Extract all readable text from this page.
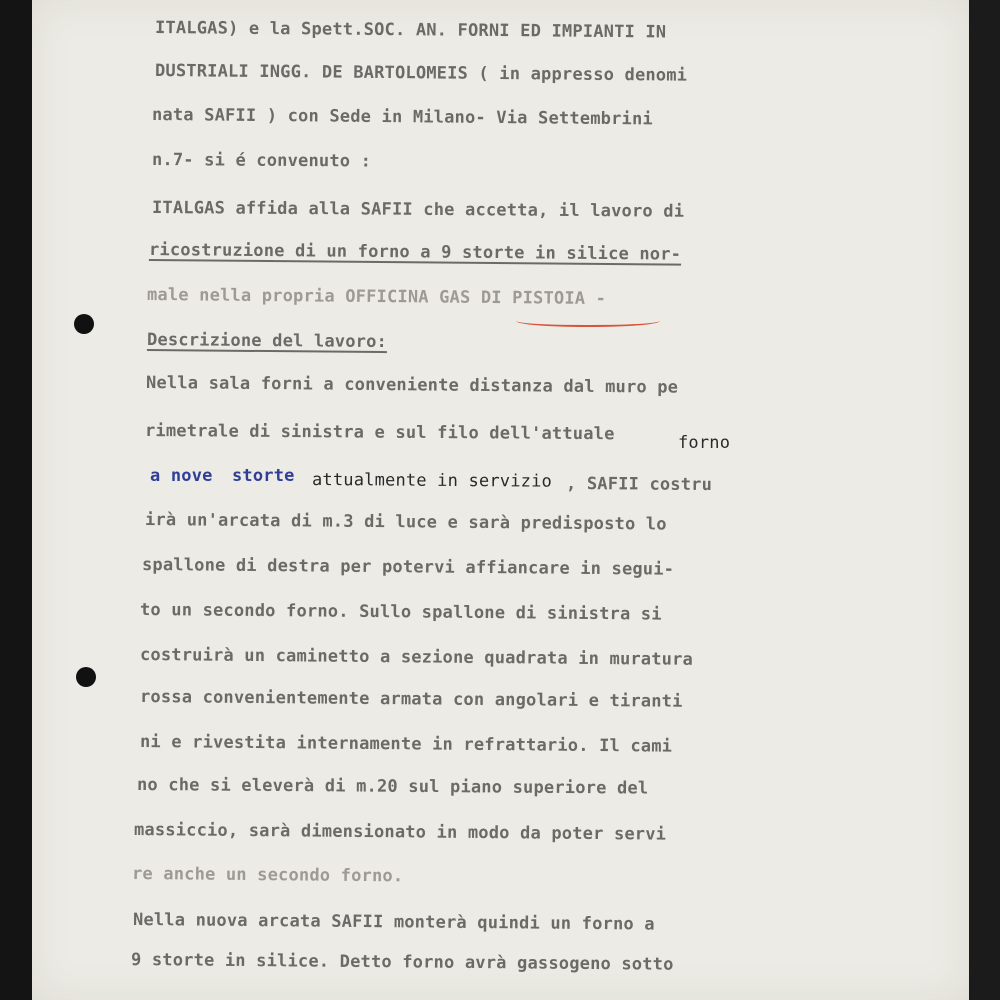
ITALGAS) e la Spett.SOC. AN. FORNI ED IMPIANTI IN

DUSTRIALI INGG. DE BARTOLOMEIS ( in appresso denomi

nata SAFII ) con Sede in Milano- Via Settembrini

n.7- si é convenuto :

ITALGAS affida alla SAFII che accetta, il lavoro di

ricostruzione di un forno a 9 storte in silice nor-

male nella propria OFFICINA GAS DI PISTOIA -

Descrizione del lavoro:

Nella sala forni a conveniente distanza dal muro pe

rimetrale di sinistra e sul filo dell'attuale	forno

a nove storte attualmente in servizio , SAFII costru

irà un'arcata di m.3 di luce e sarà predisposto lo

spallone di destra per potervi affiancare in segui-

to un secondo forno. Sullo spallone di sinistra si

costruirà un caminetto a sezione quadrata in muratura

rossa convenientemente armata con angolari e tiranti

ni e rivestita internamente in refrattario. Il cami

no che si eleverà di m.20 sul piano superiore del

massiccio, sarà dimensionato in modo da poter servi

re anche un secondo forno.

Nella nuova arcata SAFII monterà quindi un forno a

9 storte in silice. Detto forno avrà gassogeno sotto
